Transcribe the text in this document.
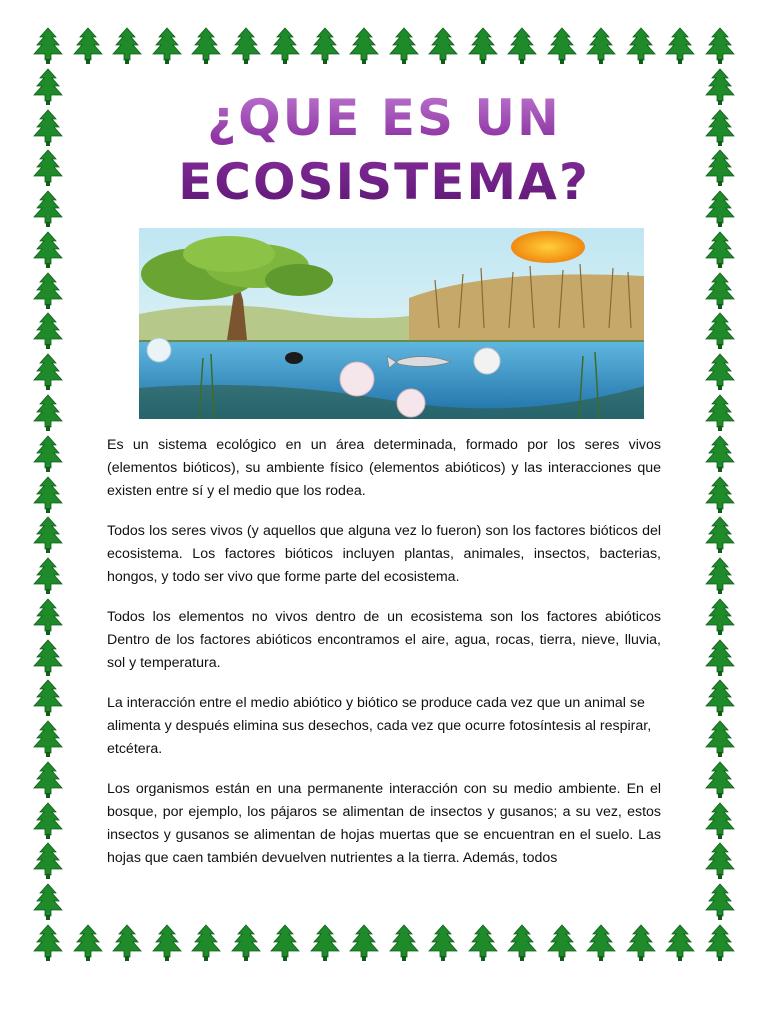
¿QUE ES UN
ECOSISTEMA?

Es un sistema ecológico en un área determinada, formado por los seres vivos (elementos bióticos), su ambiente físico (elementos abióticos) y las interacciones que existen entre sí y el medio que los rodea.

Todos los seres vivos (y aquellos que alguna vez lo fueron) son los factores bióticos del ecosistema. Los factores bióticos incluyen plantas, animales, insectos, bacterias, hongos, y todo ser vivo que forme parte del ecosistema.

Todos los elementos no vivos dentro de un ecosistema son los factores abióticos Dentro de los factores abióticos encontramos el aire, agua, rocas, tierra, nieve, lluvia, sol y temperatura.

La interacción entre el medio abiótico y biótico se produce cada vez que un animal se alimenta y después elimina sus desechos, cada vez que ocurre fotosíntesis al respirar, etcétera.

Los organismos están en una permanente interacción con su medio ambiente. En el bosque, por ejemplo, los pájaros se alimentan de insectos y gusanos; a su vez, estos insectos y gusanos se alimentan de hojas muertas que se encuentran en el suelo. Las hojas que caen también devuelven nutrientes a la tierra. Además, todos
